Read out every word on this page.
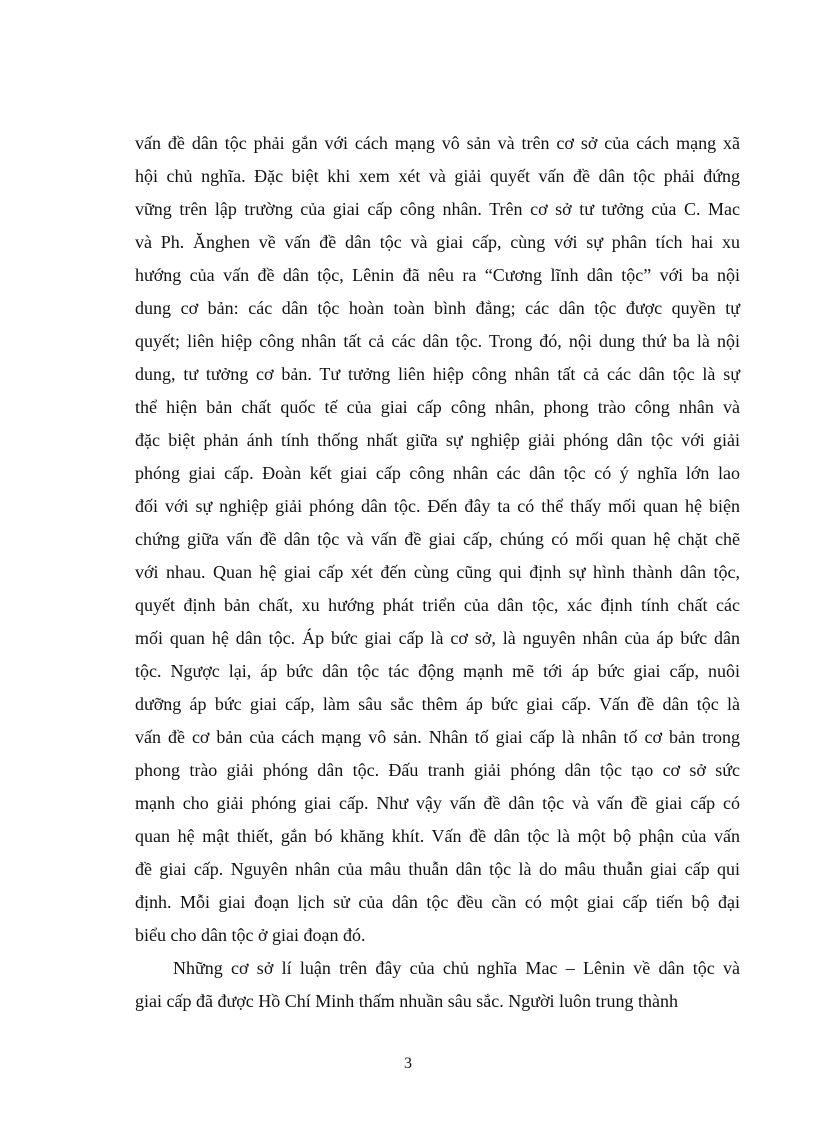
vấn đề dân tộc phải gắn với cách mạng vô sản và trên cơ sở của cách mạng xã
hội chủ nghĩa. Đặc biệt khi xem xét và giải quyết vấn đề dân tộc phải đứng
vững trên lập trường của giai cấp công nhân. Trên cơ sở tư tưởng của C. Mac
và Ph. Ănghen về vấn đề dân tộc và giai cấp, cùng với sự phân tích hai xu
hướng của vấn đề dân tộc, Lênin đã nêu ra “Cương lĩnh dân tộc” với ba nội
dung cơ bản: các dân tộc hoàn toàn bình đẳng; các dân tộc được quyền tự
quyết; liên hiệp công nhân tất cả các dân tộc. Trong đó, nội dung thứ ba là nội
dung, tư tưởng cơ bản. Tư tưởng liên hiệp công nhân tất cả các dân tộc là sự
thể hiện bản chất quốc tế của giai cấp công nhân, phong trào công nhân và
đặc biệt phản ánh tính thống nhất giữa sự nghiệp giải phóng dân tộc với giải
phóng giai cấp. Đoàn kết giai cấp công nhân các dân tộc có ý nghĩa lớn lao
đối với sự nghiệp giải phóng dân tộc. Đến đây ta có thể thấy mối quan hệ biện
chứng giữa vấn đề dân tộc và vấn đề giai cấp, chúng có mối quan hệ chặt chẽ
với nhau. Quan hệ giai cấp xét đến cùng cũng qui định sự hình thành dân tộc,
quyết định bản chất, xu hướng phát triển của dân tộc, xác định tính chất các
mối quan hệ dân tộc. Áp bức giai cấp là cơ sở, là nguyên nhân của áp bức dân
tộc. Ngược lại, áp bức dân tộc tác động mạnh mẽ tới áp bức giai cấp, nuôi
dưỡng áp bức giai cấp, làm sâu sắc thêm áp bức giai cấp. Vấn đề dân tộc là
vấn đề cơ bản của cách mạng vô sản. Nhân tố giai cấp là nhân tố cơ bản trong
phong trào giải phóng dân tộc. Đấu tranh giải phóng dân tộc tạo cơ sở sức
mạnh cho giải phóng giai cấp. Như vậy vấn đề dân tộc và vấn đề giai cấp có
quan hệ mật thiết, gắn bó khăng khít. Vấn đề dân tộc là một bộ phận của vấn
đề giai cấp. Nguyên nhân của mâu thuẫn dân tộc là do mâu thuẫn giai cấp qui
định. Mỗi giai đoạn lịch sử của dân tộc đều cần có một giai cấp tiến bộ đại
biểu cho dân tộc ở giai đoạn đó.
Những cơ sở lí luận trên đây của chủ nghĩa Mac – Lênin về dân tộc và
giai cấp đã được Hồ Chí Minh thấm nhuần sâu sắc. Người luôn trung thành
3
